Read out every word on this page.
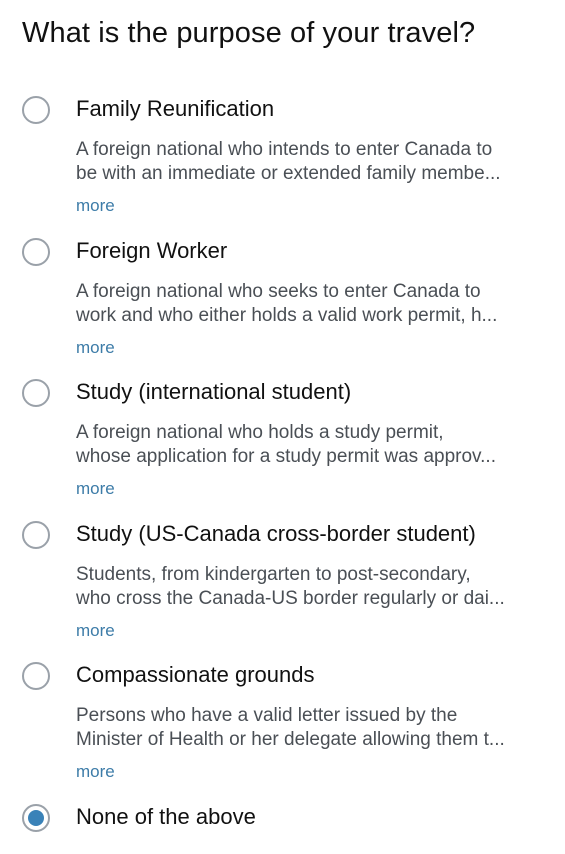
What is the purpose of your travel?
Family Reunification
A foreign national who intends to enter Canada to
be with an immediate or extended family membe...
more
Foreign Worker
A foreign national who seeks to enter Canada to
work and who either holds a valid work permit, h...
more
Study (international student)
A foreign national who holds a study permit,
whose application for a study permit was approv...
more
Study (US-Canada cross-border student)
Students, from kindergarten to post-secondary,
who cross the Canada-US border regularly or dai...
more
Compassionate grounds
Persons who have a valid letter issued by the
Minister of Health or her delegate allowing them t...
more
None of the above
